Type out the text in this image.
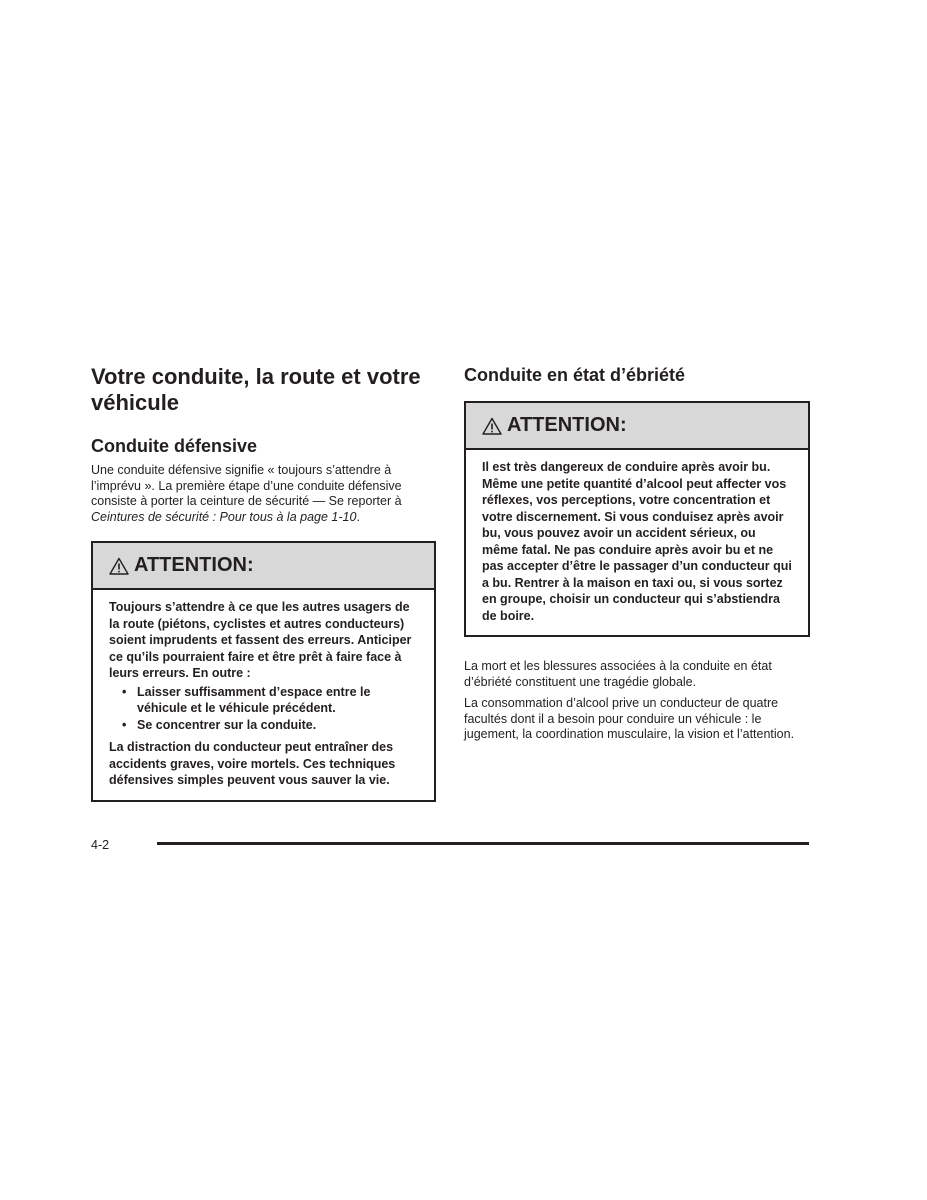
Votre conduite, la route et votre véhicule
Conduite défensive

Une conduite défensive signifie « toujours s’attendre à l’imprévu ». La première étape d’une conduite défensive consiste à porter la ceinture de sécurité — Se reporter à Ceintures de sécurité : Pour tous à la page 1-10.

ATTENTION:

Toujours s’attendre à ce que les autres usagers de la route (piétons, cyclistes et autres conducteurs) soient imprudents et fassent des erreurs. Anticiper ce qu’ils pourraient faire et être prêt à faire face à leurs erreurs. En outre :

• Laisser suffisamment d’espace entre le véhicule et le véhicule précédent.
• Se concentrer sur la conduite.

La distraction du conducteur peut entraîner des accidents graves, voire mortels. Ces techniques défensives simples peuvent vous sauver la vie.

Conduite en état d’ébriété
ATTENTION:

Il est très dangereux de conduire après avoir bu. Même une petite quantité d’alcool peut affecter vos réflexes, vos perceptions, votre concentration et votre discernement. Si vous conduisez après avoir bu, vous pouvez avoir un accident sérieux, ou même fatal. Ne pas conduire après avoir bu et ne pas accepter d’être le passager d’un conducteur qui a bu. Rentrer à la maison en taxi ou, si vous sortez en groupe, choisir un conducteur qui s’abstiendra de boire.

La mort et les blessures associées à la conduite en état d’ébriété constituent une tragédie globale.

La consommation d’alcool prive un conducteur de quatre facultés dont il a besoin pour conduire un véhicule : le jugement, la coordination musculaire, la vision et l’attention.

4-2
